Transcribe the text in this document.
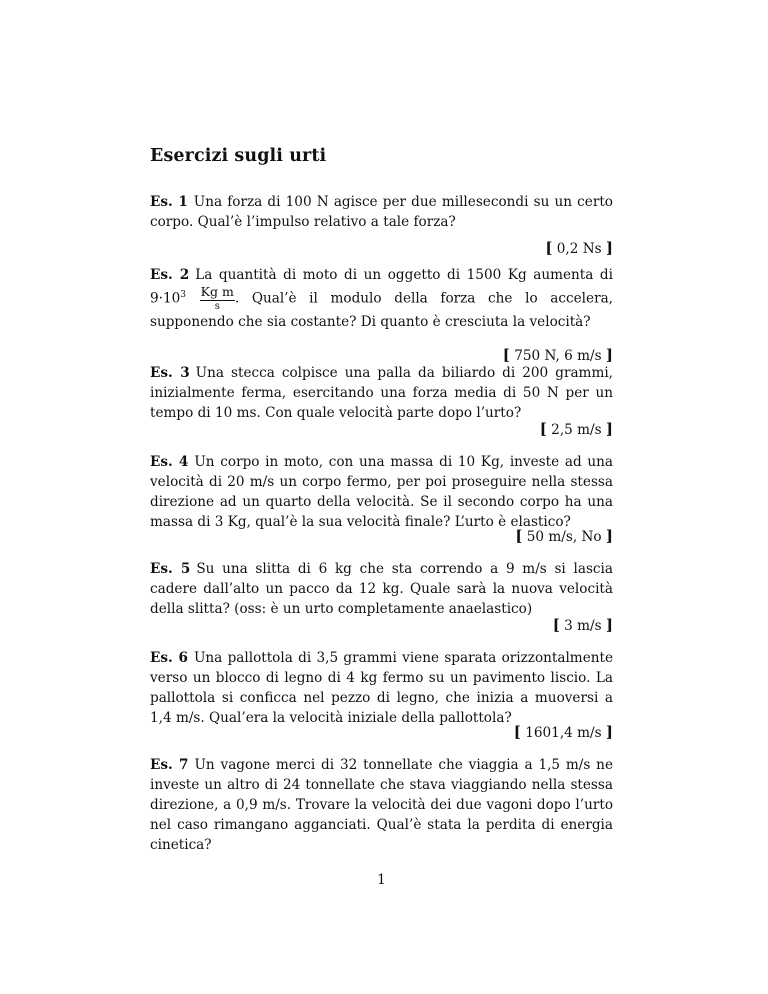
Esercizi sugli urti
Es. 1 Una forza di 100 N agisce per due millesecondi su un certo corpo. Qual’è l’impulso relativo a tale forza?
[ 0,2 Ns ]
Es. 2 La quantità di moto di un oggetto di 1500 Kg aumenta di $9\cdot 10^3 \frac{\text{Kg m}}{s}$ . Qual’è il modulo della forza che lo accelera, supponendo che sia costante? Di quanto è cresciuta la velocità?
[ 750 N, 6 m/s ]
Es. 3 Una stecca colpisce una palla da biliardo di 200 grammi, inizialmente ferma, esercitando una forza media di 50 N per un tempo di 10 ms. Con quale velocità parte dopo l’urto?
[ 2,5 m/s ]
Es. 4 Un corpo in moto, con una massa di 10 Kg, investe ad una velocità di 20 m/s un corpo fermo, per poi proseguire nella stessa direzione ad un quarto della velocità. Se il secondo corpo ha una massa di 3 Kg, qual’è la sua velocità finale? L’urto è elastico?
[ 50 m/s, No ]
Es. 5 Su una slitta di 6 kg che sta correndo a 9 m/s si lascia cadere dall’alto un pacco da 12 kg. Quale sarà la nuova velocità della slitta? (oss: è un urto completamente anaelastico)
[ 3 m/s ]
Es. 6 Una pallottola di 3,5 grammi viene sparata orizzontalmente verso un blocco di legno di 4 kg fermo su un pavimento liscio. La pallottola si conficca nel pezzo di legno, che inizia a muoversi a 1,4 m/s. Qual’era la velocità iniziale della pallottola?
[ 1601,4 m/s ]
Es. 7 Un vagone merci di 32 tonnellate che viaggia a 1,5 m/s ne investe un altro di 24 tonnellate che stava viaggiando nella stessa direzione, a 0,9 m/s. Trovare la velocità dei due vagoni dopo l’urto nel caso rimangano agganciati. Qual’è stata la perdita di energia cinetica?
1
